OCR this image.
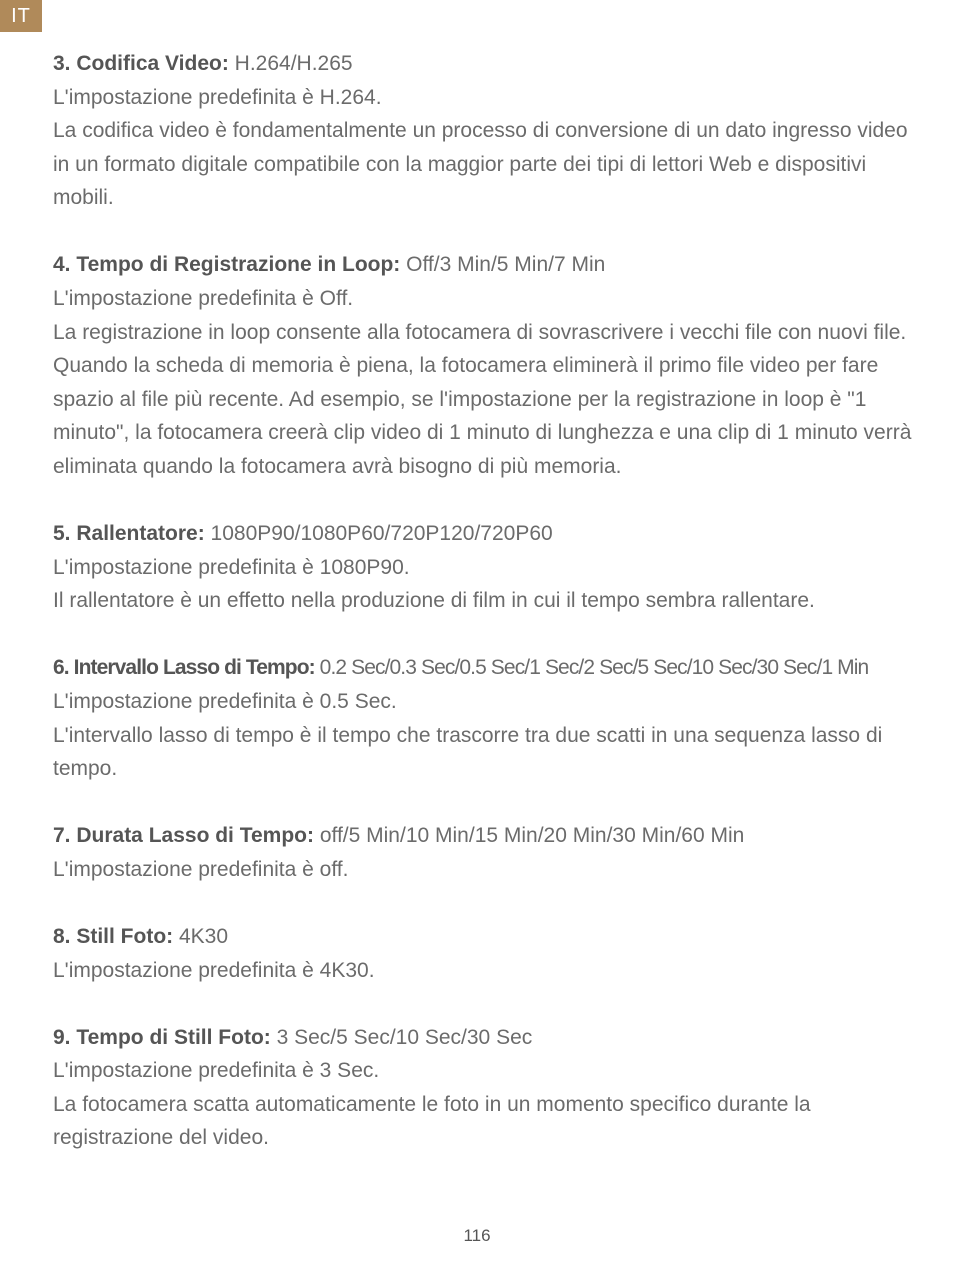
IT
3. Codifica Video: H.264/H.265
L'impostazione predefinita è H.264.
La codifica video è fondamentalmente un processo di conversione di un dato ingresso video in un formato digitale compatibile con la maggior parte dei tipi di lettori Web e dispositivi mobili.
4. Tempo di Registrazione in Loop: Off/3 Min/5 Min/7 Min
L'impostazione predefinita è Off.
La registrazione in loop consente alla fotocamera di sovrascrivere i vecchi file con nuovi file. Quando la scheda di memoria è piena, la fotocamera eliminerà il primo file video per fare spazio al file più recente. Ad esempio, se l'impostazione per la registrazione in loop è "1 minuto", la fotocamera creerà clip video di 1 minuto di lunghezza e una clip di 1 minuto verrà eliminata quando la fotocamera avrà bisogno di più memoria.
5. Rallentatore: 1080P90/1080P60/720P120/720P60
L'impostazione predefinita è 1080P90.
Il rallentatore è un effetto nella produzione di film in cui il tempo sembra rallentare.
6. Intervallo Lasso di Tempo: 0.2 Sec/0.3 Sec/0.5 Sec/1 Sec/2 Sec/5 Sec/10 Sec/30 Sec/1 Min
L'impostazione predefinita è 0.5 Sec.
L'intervallo lasso di tempo è il tempo che trascorre tra due scatti in una sequenza lasso di tempo.
7. Durata Lasso di Tempo: off/5 Min/10 Min/15 Min/20 Min/30 Min/60 Min
L'impostazione predefinita è off.
8. Still Foto: 4K30
L'impostazione predefinita è 4K30.
9. Tempo di Still Foto: 3 Sec/5 Sec/10 Sec/30 Sec
L'impostazione predefinita è 3 Sec.
La fotocamera scatta automaticamente le foto in un momento specifico durante la registrazione del video.
116
